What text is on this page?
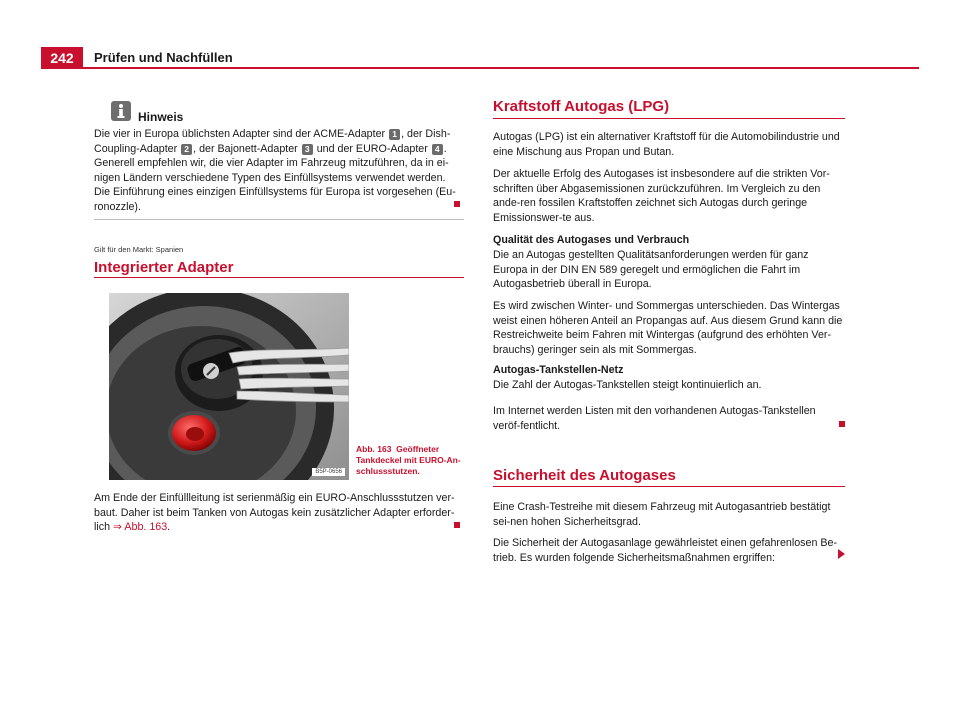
242	Prüfen und Nachfüllen
Hinweis

Die vier in Europa üblichsten Adapter sind der ACME-Adapter 1 , der Dish-Coupling-Adapter 2 , der Bajonett-Adapter 3 und der EURO-Adapter 4 . Generell empfehlen wir, die vier Adapter im Fahrzeug mitzuführen, da in ei-nigen Ländern verschiedene Typen des Einfüllsystems verwendet werden. Die Einführung eines einzigen Einfüllsystems für Europa ist vorgesehen (Eu-ronozzle).

Gilt für den Markt: Spanien
Integrierter Adapter
B5P-0656
Abb. 163 Geöffneter Tankdeckel mit EURO-An-schlussstutzen.

Am Ende der Einfüllleitung ist serienmäßig ein EURO-Anschlussstutzen ver-baut. Daher ist beim Tanken von Autogas kein zusätzlicher Adapter erforder-lich ⇒ Abb. 163.

Kraftstoff Autogas (LPG)

Autogas (LPG) ist ein alternativer Kraftstoff für die Automobilindustrie und eine Mischung aus Propan und Butan.

Der aktuelle Erfolg des Autogases ist insbesondere auf die strikten Vor-schriften über Abgasemissionen zurückzuführen. Im Vergleich zu den ande-ren fossilen Kraftstoffen zeichnet sich Autogas durch geringe Emissionswer-te aus.

Qualität des Autogases und Verbrauch

Die an Autogas gestellten Qualitätsanforderungen werden für ganz Europa in der DIN EN 589 geregelt und ermöglichen die Fahrt im Autogasbetrieb überall in Europa.

Es wird zwischen Winter- und Sommergas unterschieden. Das Wintergas weist einen höheren Anteil an Propangas auf. Aus diesem Grund kann die Restreichweite beim Fahren mit Wintergas (aufgrund des erhöhten Ver-brauchs) geringer sein als mit Sommergas.

Autogas-Tankstellen-Netz

Die Zahl der Autogas-Tankstellen steigt kontinuierlich an.

Im Internet werden Listen mit den vorhandenen Autogas-Tankstellen veröf-fentlicht.

Sicherheit des Autogases

Eine Crash-Testreihe mit diesem Fahrzeug mit Autogasantrieb bestätigt sei-nen hohen Sicherheitsgrad.

Die Sicherheit der Autogasanlage gewährleistet einen gefahrenlosen Be-trieb. Es wurden folgende Sicherheitsmaßnahmen ergriffen:
